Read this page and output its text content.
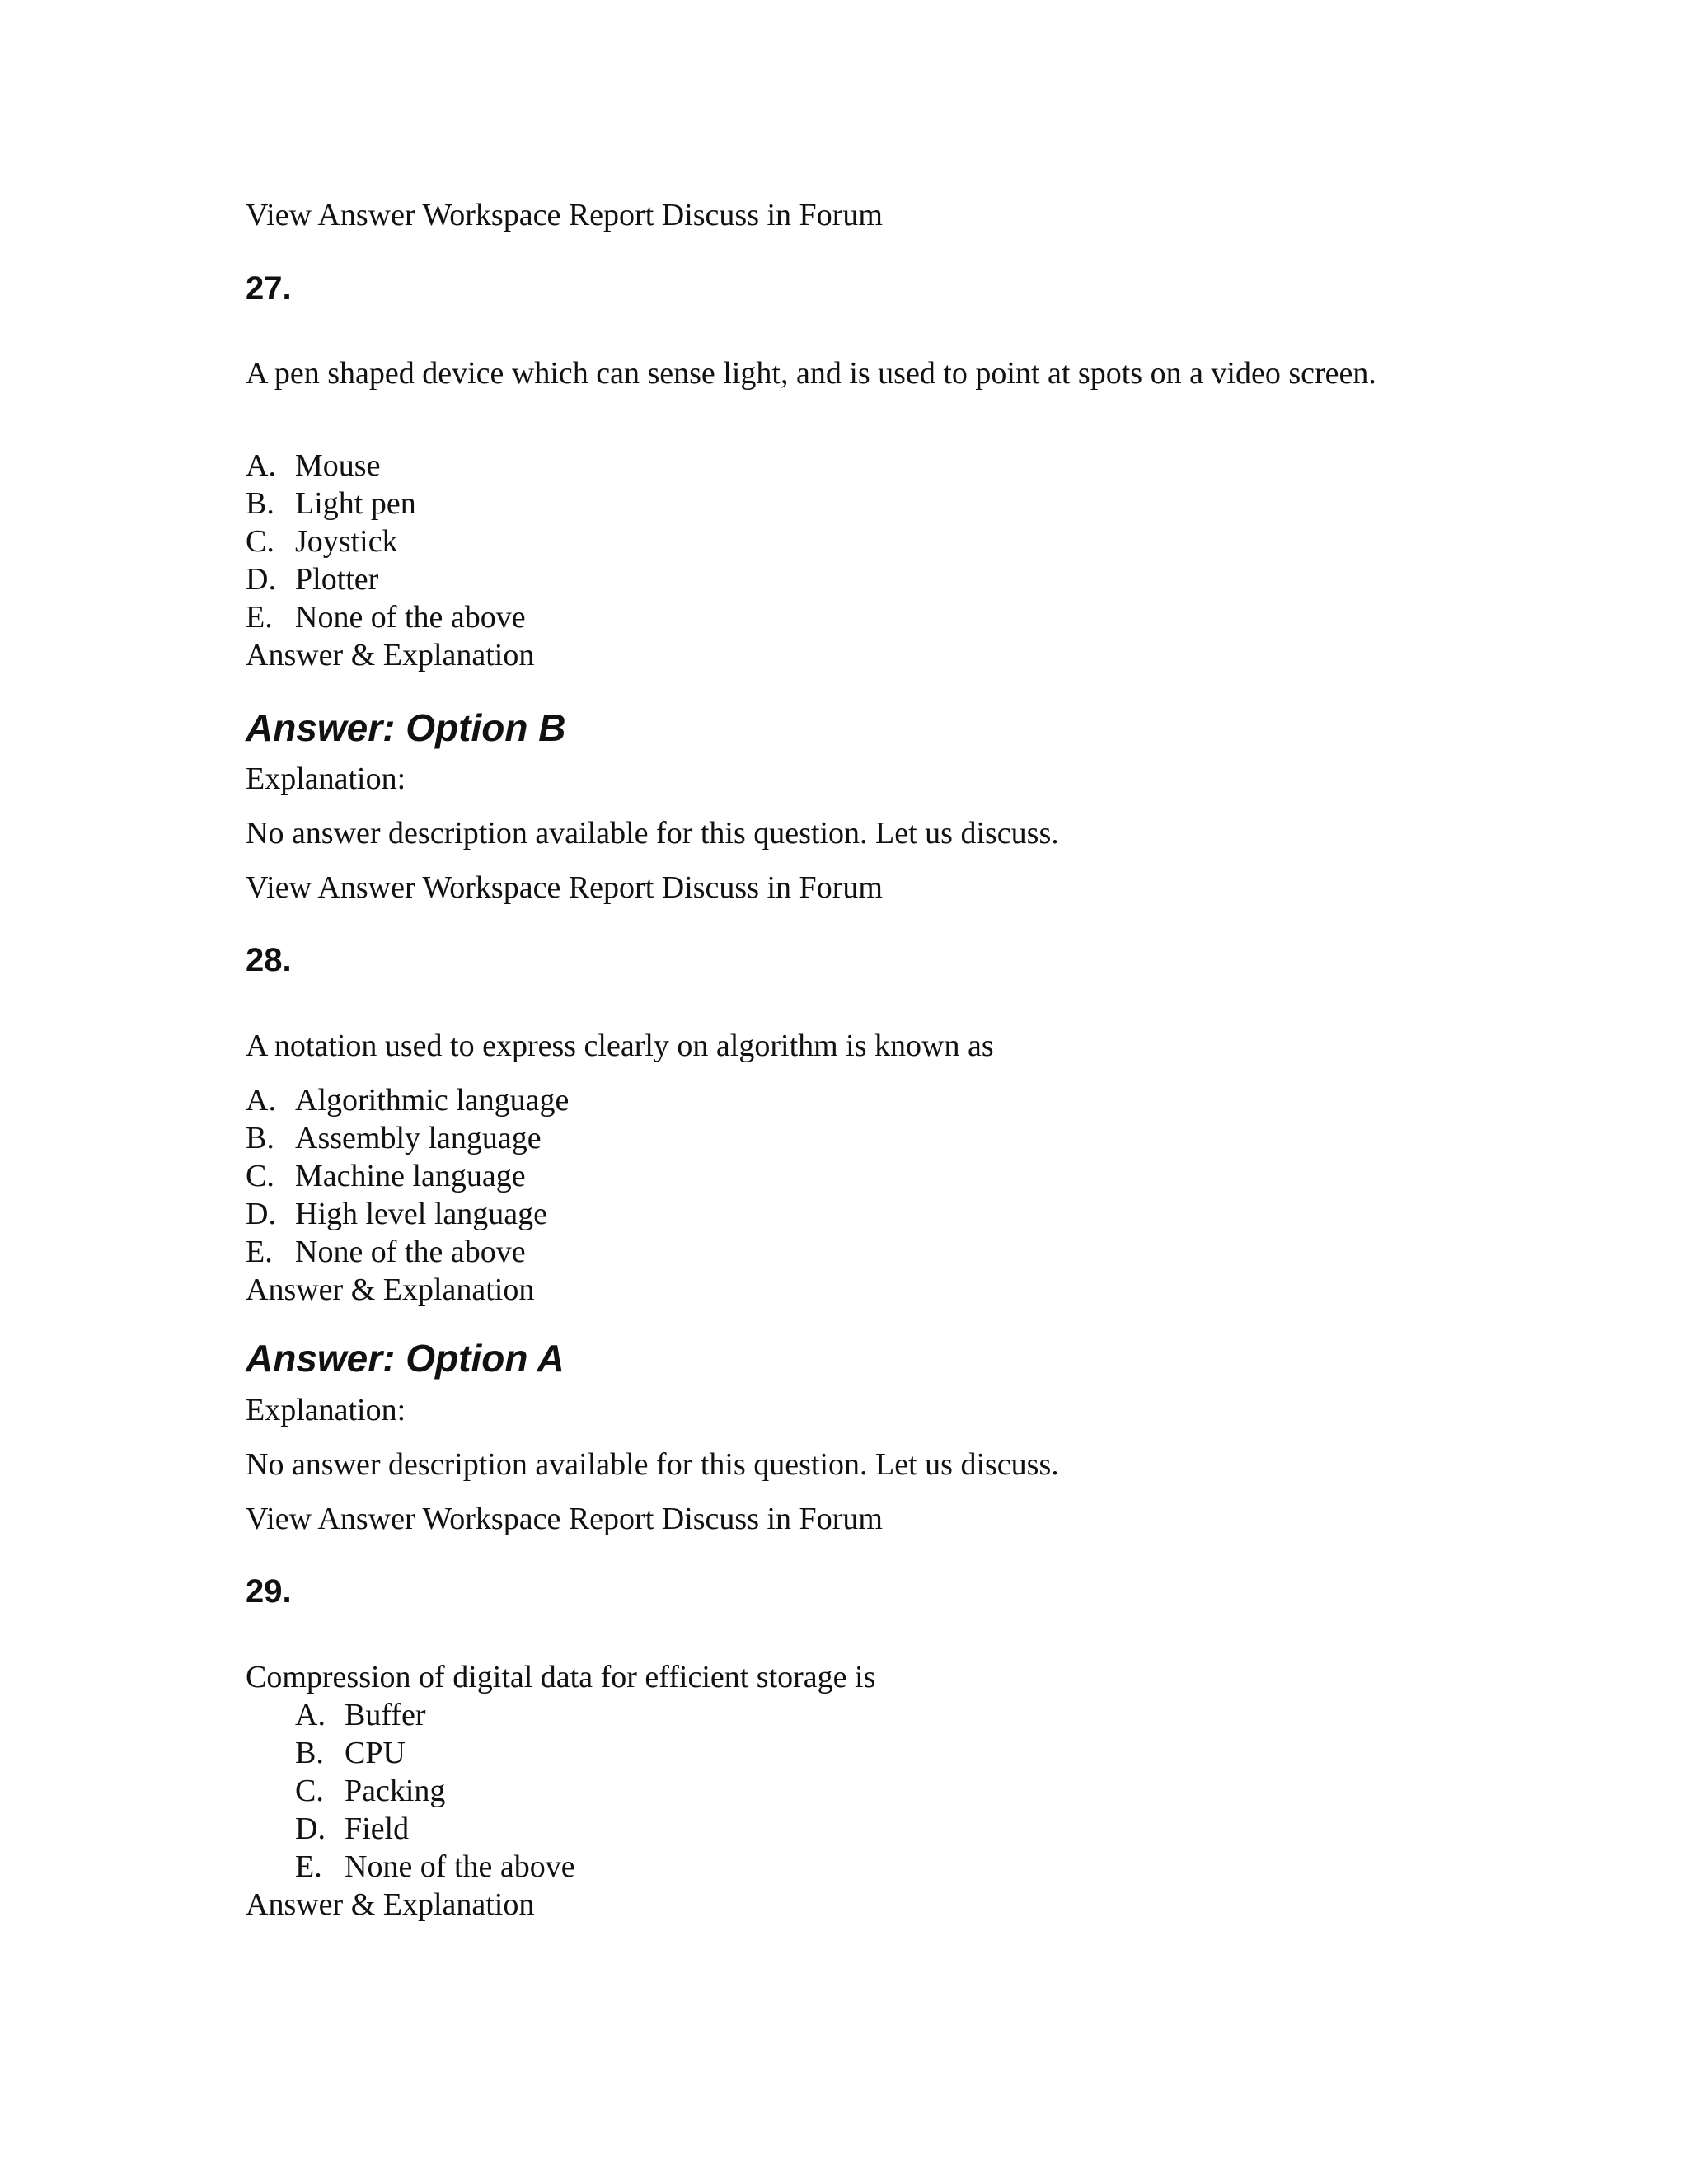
View Answer Workspace Report Discuss in Forum
27.

A pen shaped device which can sense light, and is used to point at spots on a video screen.

A. Mouse
B. Light pen
C. Joystick
D. Plotter
E. None of the above
Answer & Explanation
Answer: Option B
Explanation:
No answer description available for this question. Let us discuss.
View Answer Workspace Report Discuss in Forum
28.

A notation used to express clearly on algorithm is known as

A. Algorithmic language
B. Assembly language
C. Machine language
D. High level language
E. None of the above
Answer & Explanation
Answer: Option A
Explanation:
No answer description available for this question. Let us discuss.
View Answer Workspace Report Discuss in Forum
29.

Compression of digital data for efficient storage is

A. Buffer
B. CPU
C. Packing
D. Field
E. None of the above
Answer & Explanation
